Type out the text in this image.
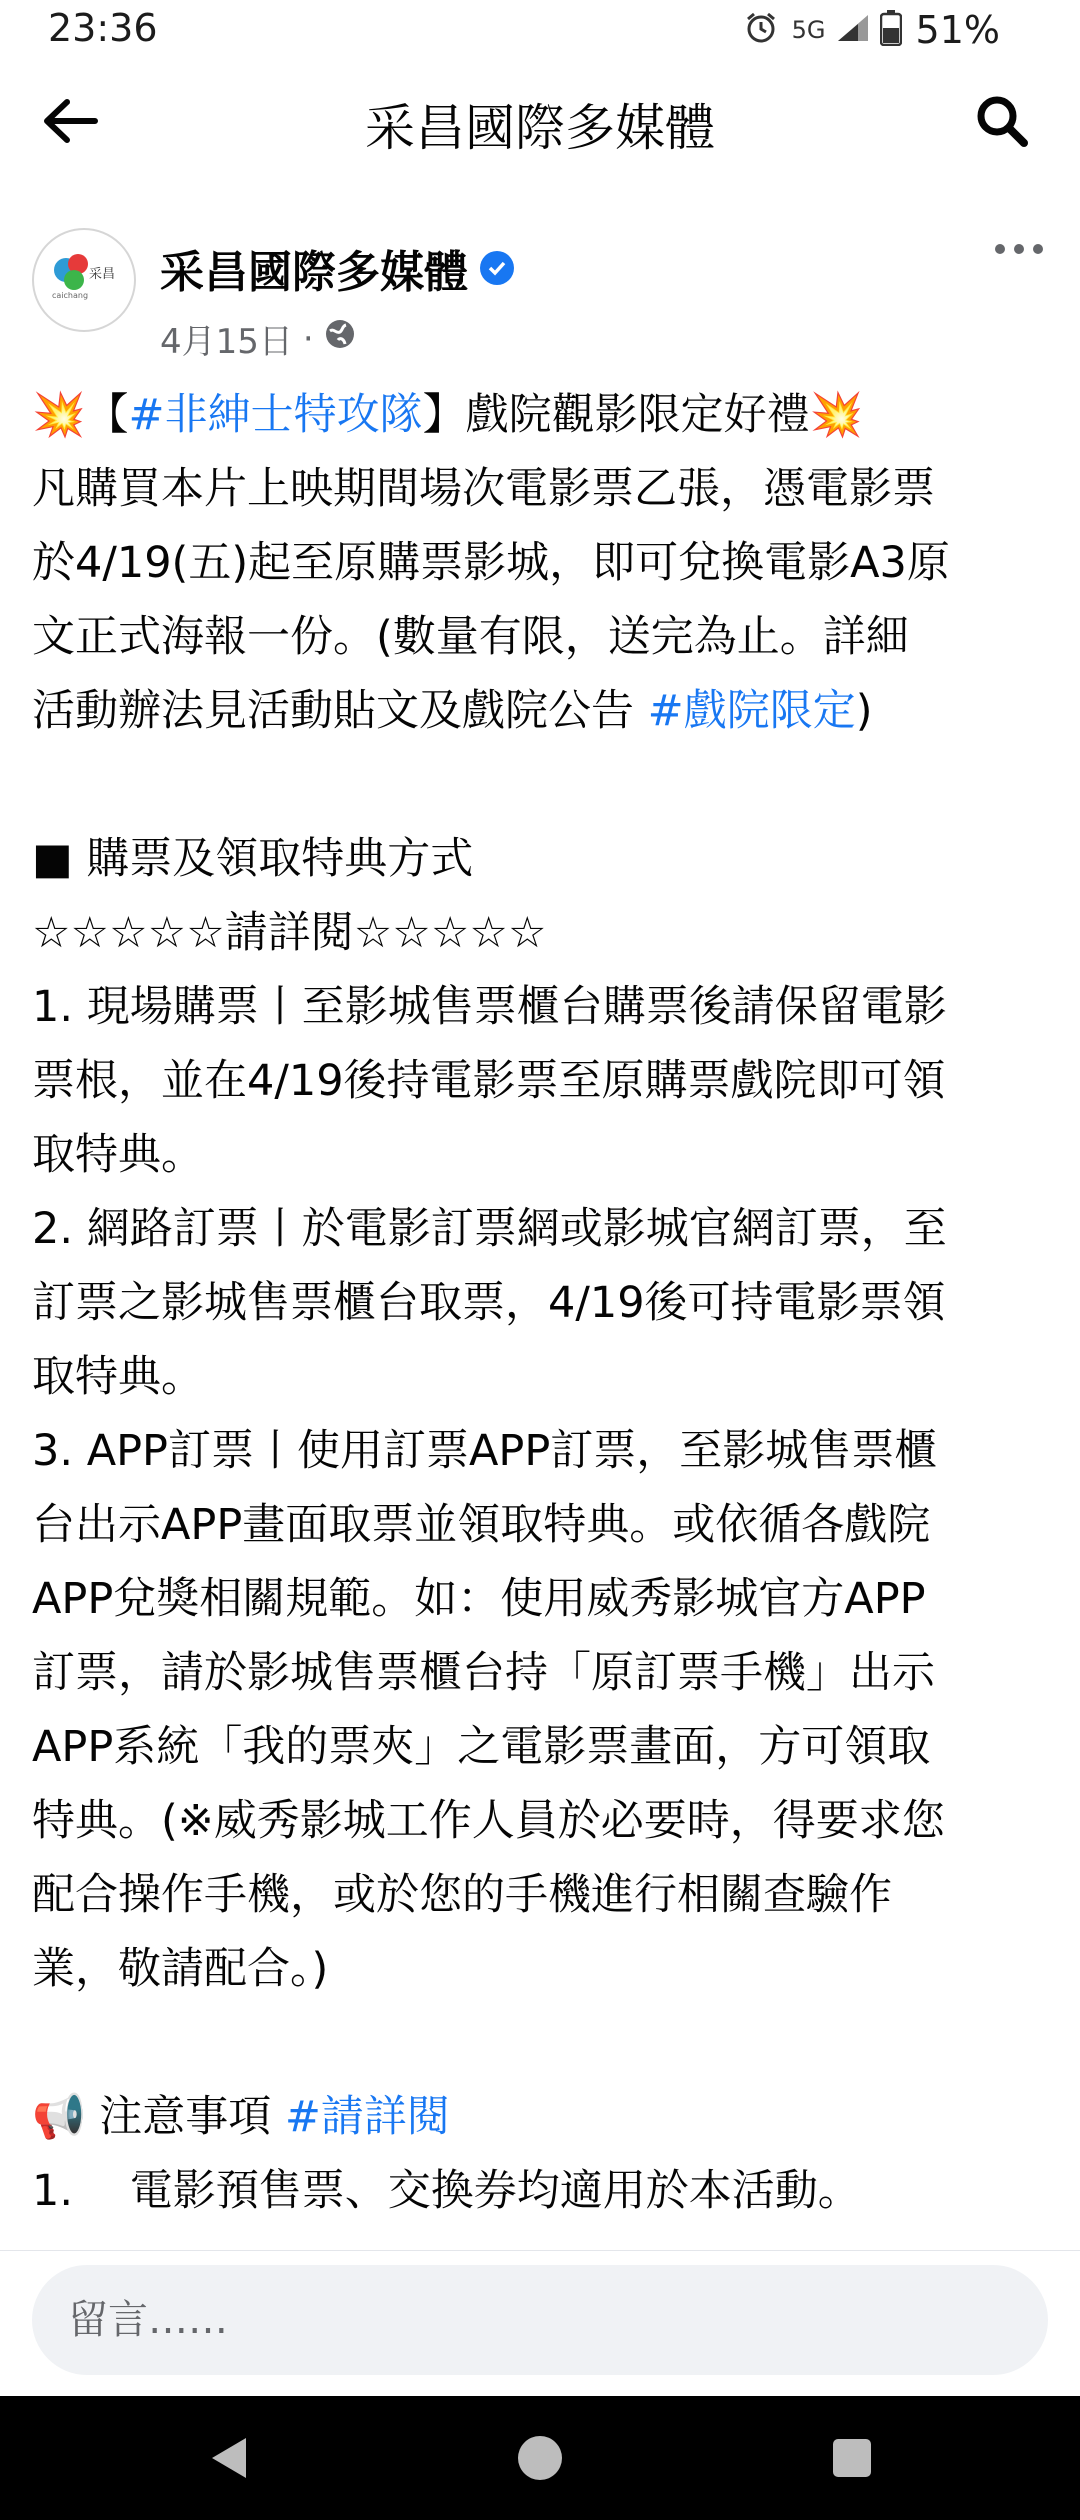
23:36	5G 51%
采昌國際多媒體
采昌
caichang 采昌國際多媒體
4月15日 ·
💥【#非紳士特攻隊】戲院觀影限定好禮💥
凡購買本片上映期間場次電影票乙張，憑電影票
於4/19(五)起至原購票影城，即可兌換電影A3原
文正式海報一份。(數量有限，送完為止。詳細
活動辦法見活動貼文及戲院公告 #戲院限定)
■ 購票及領取特典方式
☆☆☆☆☆請詳閱☆☆☆☆☆
1. 現場購票丨至影城售票櫃台購票後請保留電影
票根，並在4/19後持電影票至原購票戲院即可領
取特典。
2. 網路訂票丨於電影訂票網或影城官網訂票，至
訂票之影城售票櫃台取票，4/19後可持電影票領
取特典。
3. APP訂票丨使用訂票APP訂票，至影城售票櫃
台出示APP畫面取票並領取特典。或依循各戲院
APP兌獎相關規範。如：使用威秀影城官方APP
訂票，請於影城售票櫃台持「原訂票手機」出示
APP系統「我的票夾」之電影票畫面，方可領取
特典。(※威秀影城工作人員於必要時，得要求您
配合操作手機，或於您的手機進行相關查驗作
業，敬請配合。)
📢 注意事項 #請詳閱
1.　 電影預售票、交換券均適用於本活動。
留言……
